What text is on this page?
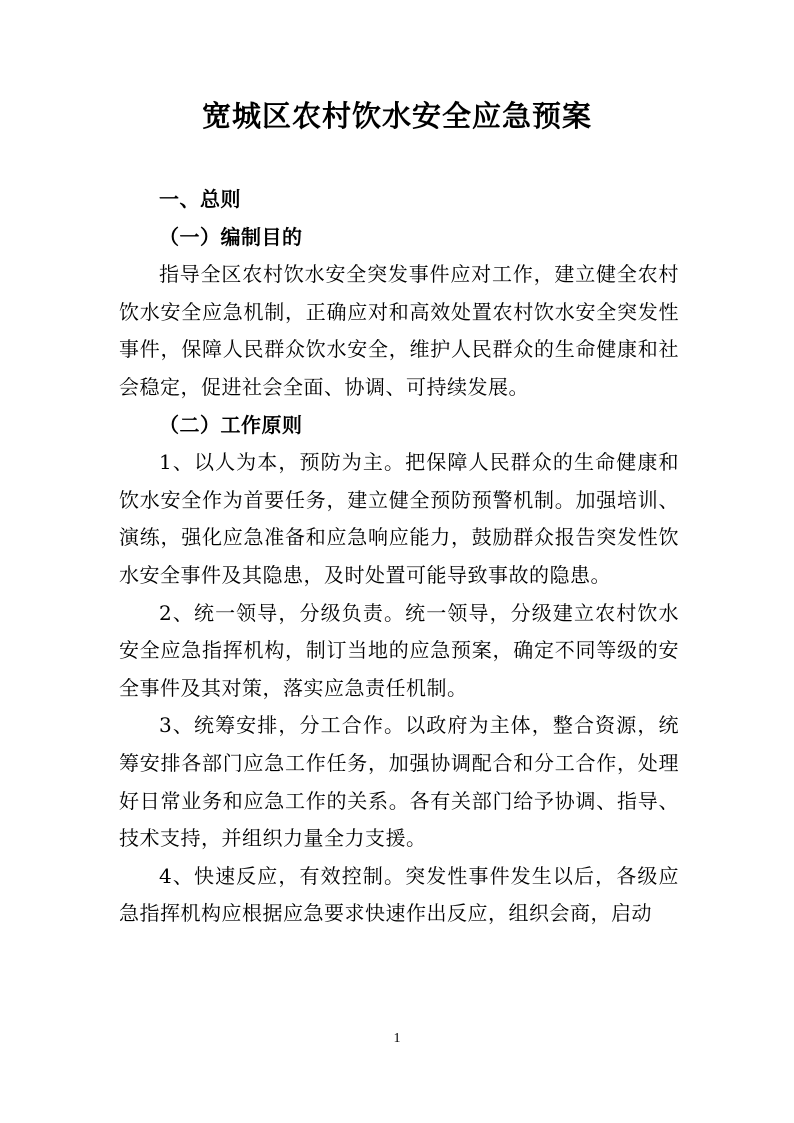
宽城区农村饮水安全应急预案

一、总则

（一）编制目的

指导全区农村饮水安全突发事件应对工作，建立健全农村饮水安全应急机制，正确应对和高效处置农村饮水安全突发性事件，保障人民群众饮水安全，维护人民群众的生命健康和社会稳定，促进社会全面、协调、可持续发展。

（二）工作原则

1、以人为本，预防为主。把保障人民群众的生命健康和饮水安全作为首要任务，建立健全预防预警机制。加强培训、演练，强化应急准备和应急响应能力，鼓励群众报告突发性饮水安全事件及其隐患，及时处置可能导致事故的隐患。

2、统一领导，分级负责。统一领导，分级建立农村饮水安全应急指挥机构，制订当地的应急预案，确定不同等级的安全事件及其对策，落实应急责任机制。

3、统筹安排，分工合作。以政府为主体，整合资源，统筹安排各部门应急工作任务，加强协调配合和分工合作，处理好日常业务和应急工作的关系。各有关部门给予协调、指导、技术支持，并组织力量全力支援。

4、快速反应，有效控制。突发性事件发生以后，各级应急指挥机构应根据应急要求快速作出反应，组织会商，启动

1
